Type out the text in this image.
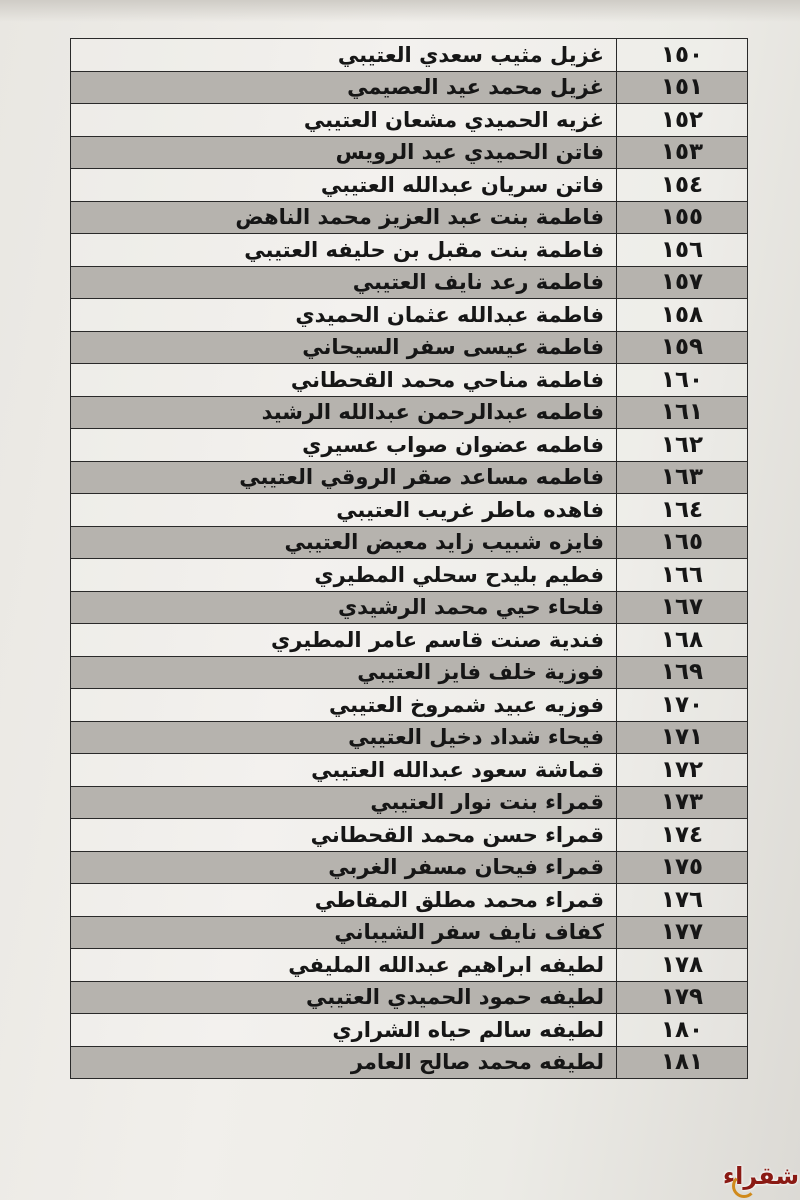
١٥٠	غزيل مثيب سعدي العتيبي
١٥١	غزيل محمد عيد العصيمي
١٥٢	غزيه الحميدي مشعان العتيبي
١٥٣	فاتن الحميدي عيد الرويس
١٥٤	فاتن سريان عبدالله العتيبي
١٥٥	فاطمة بنت عبد العزيز محمد الناهض
١٥٦	فاطمة بنت مقبل بن حليفه العتيبي
١٥٧	فاطمة رعد نايف العتيبي
١٥٨	فاطمة عبدالله عثمان الحميدي
١٥٩	فاطمة عيسى سفر السيحاني
١٦٠	فاطمة مناحي محمد القحطاني
١٦١	فاطمه عبدالرحمن عبدالله الرشيد
١٦٢	فاطمه عضوان صواب عسيري
١٦٣	فاطمه مساعد صقر الروقي العتيبي
١٦٤	فاهده ماطر غريب العتيبي
١٦٥	فايزه شبيب زايد معيض العتيبي
١٦٦	فطيم بليدح سحلي المطيري
١٦٧	فلحاء حيي محمد الرشيدي
١٦٨	فندية صنت قاسم عامر المطيري
١٦٩	فوزية خلف فايز العتيبي
١٧٠	فوزيه عبيد شمروخ العتيبي
١٧١	فيحاء شداد دخيل العتيبي
١٧٢	قماشة سعود عبدالله العتيبي
١٧٣	قمراء بنت نوار العتيبي
١٧٤	قمراء حسن محمد القحطاني
١٧٥	قمراء فيحان مسفر الغربي
١٧٦	قمراء محمد مطلق المقاطي
١٧٧	كفاف نايف سفر الشيباني
١٧٨	لطيفه ابراهيم عبدالله المليفي
١٧٩	لطيفه حمود الحميدي العتيبي
١٨٠	لطيفه سالم حياه الشراري
١٨١	لطيفه محمد صالح العامر
شقراء
